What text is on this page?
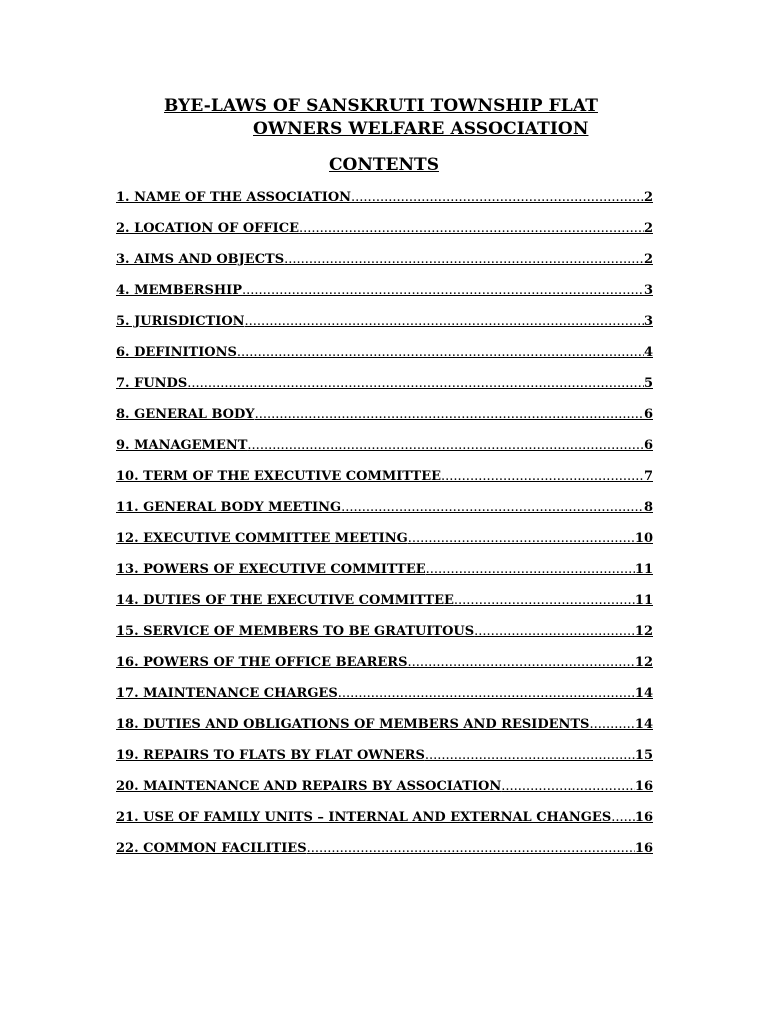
BYE-LAWS OF SANSKRUTI TOWNSHIP FLAT
OWNERS WELFARE ASSOCIATION
CONTENTS
1. NAME OF THE ASSOCIATION .....	2
2. LOCATION OF OFFICE .....	2
3. AIMS AND OBJECTS .....	2
4. MEMBERSHIP .....	3
5. JURISDICTION .....	3
6. DEFINITIONS .....	4
7. FUNDS .....	5
8. GENERAL BODY .....	6
9. MANAGEMENT .....	6
10. TERM OF THE EXECUTIVE COMMITTEE .....	7
11. GENERAL BODY MEETING .....	8
12. EXECUTIVE COMMITTEE MEETING .....	10
13. POWERS OF EXECUTIVE COMMITTEE .....	11
14. DUTIES OF THE EXECUTIVE COMMITTEE .....	11
15. SERVICE OF MEMBERS TO BE GRATUITOUS .....	12
16. POWERS OF THE OFFICE BEARERS .....	12
17. MAINTENANCE CHARGES .....	14
18. DUTIES AND OBLIGATIONS OF MEMBERS AND RESIDENTS .....	14
19. REPAIRS TO FLATS BY FLAT OWNERS .....	15
20. MAINTENANCE AND REPAIRS BY ASSOCIATION .....	16
21. USE OF FAMILY UNITS – INTERNAL AND EXTERNAL CHANGES ..... 16
22. COMMON FACILITIES .....	16
